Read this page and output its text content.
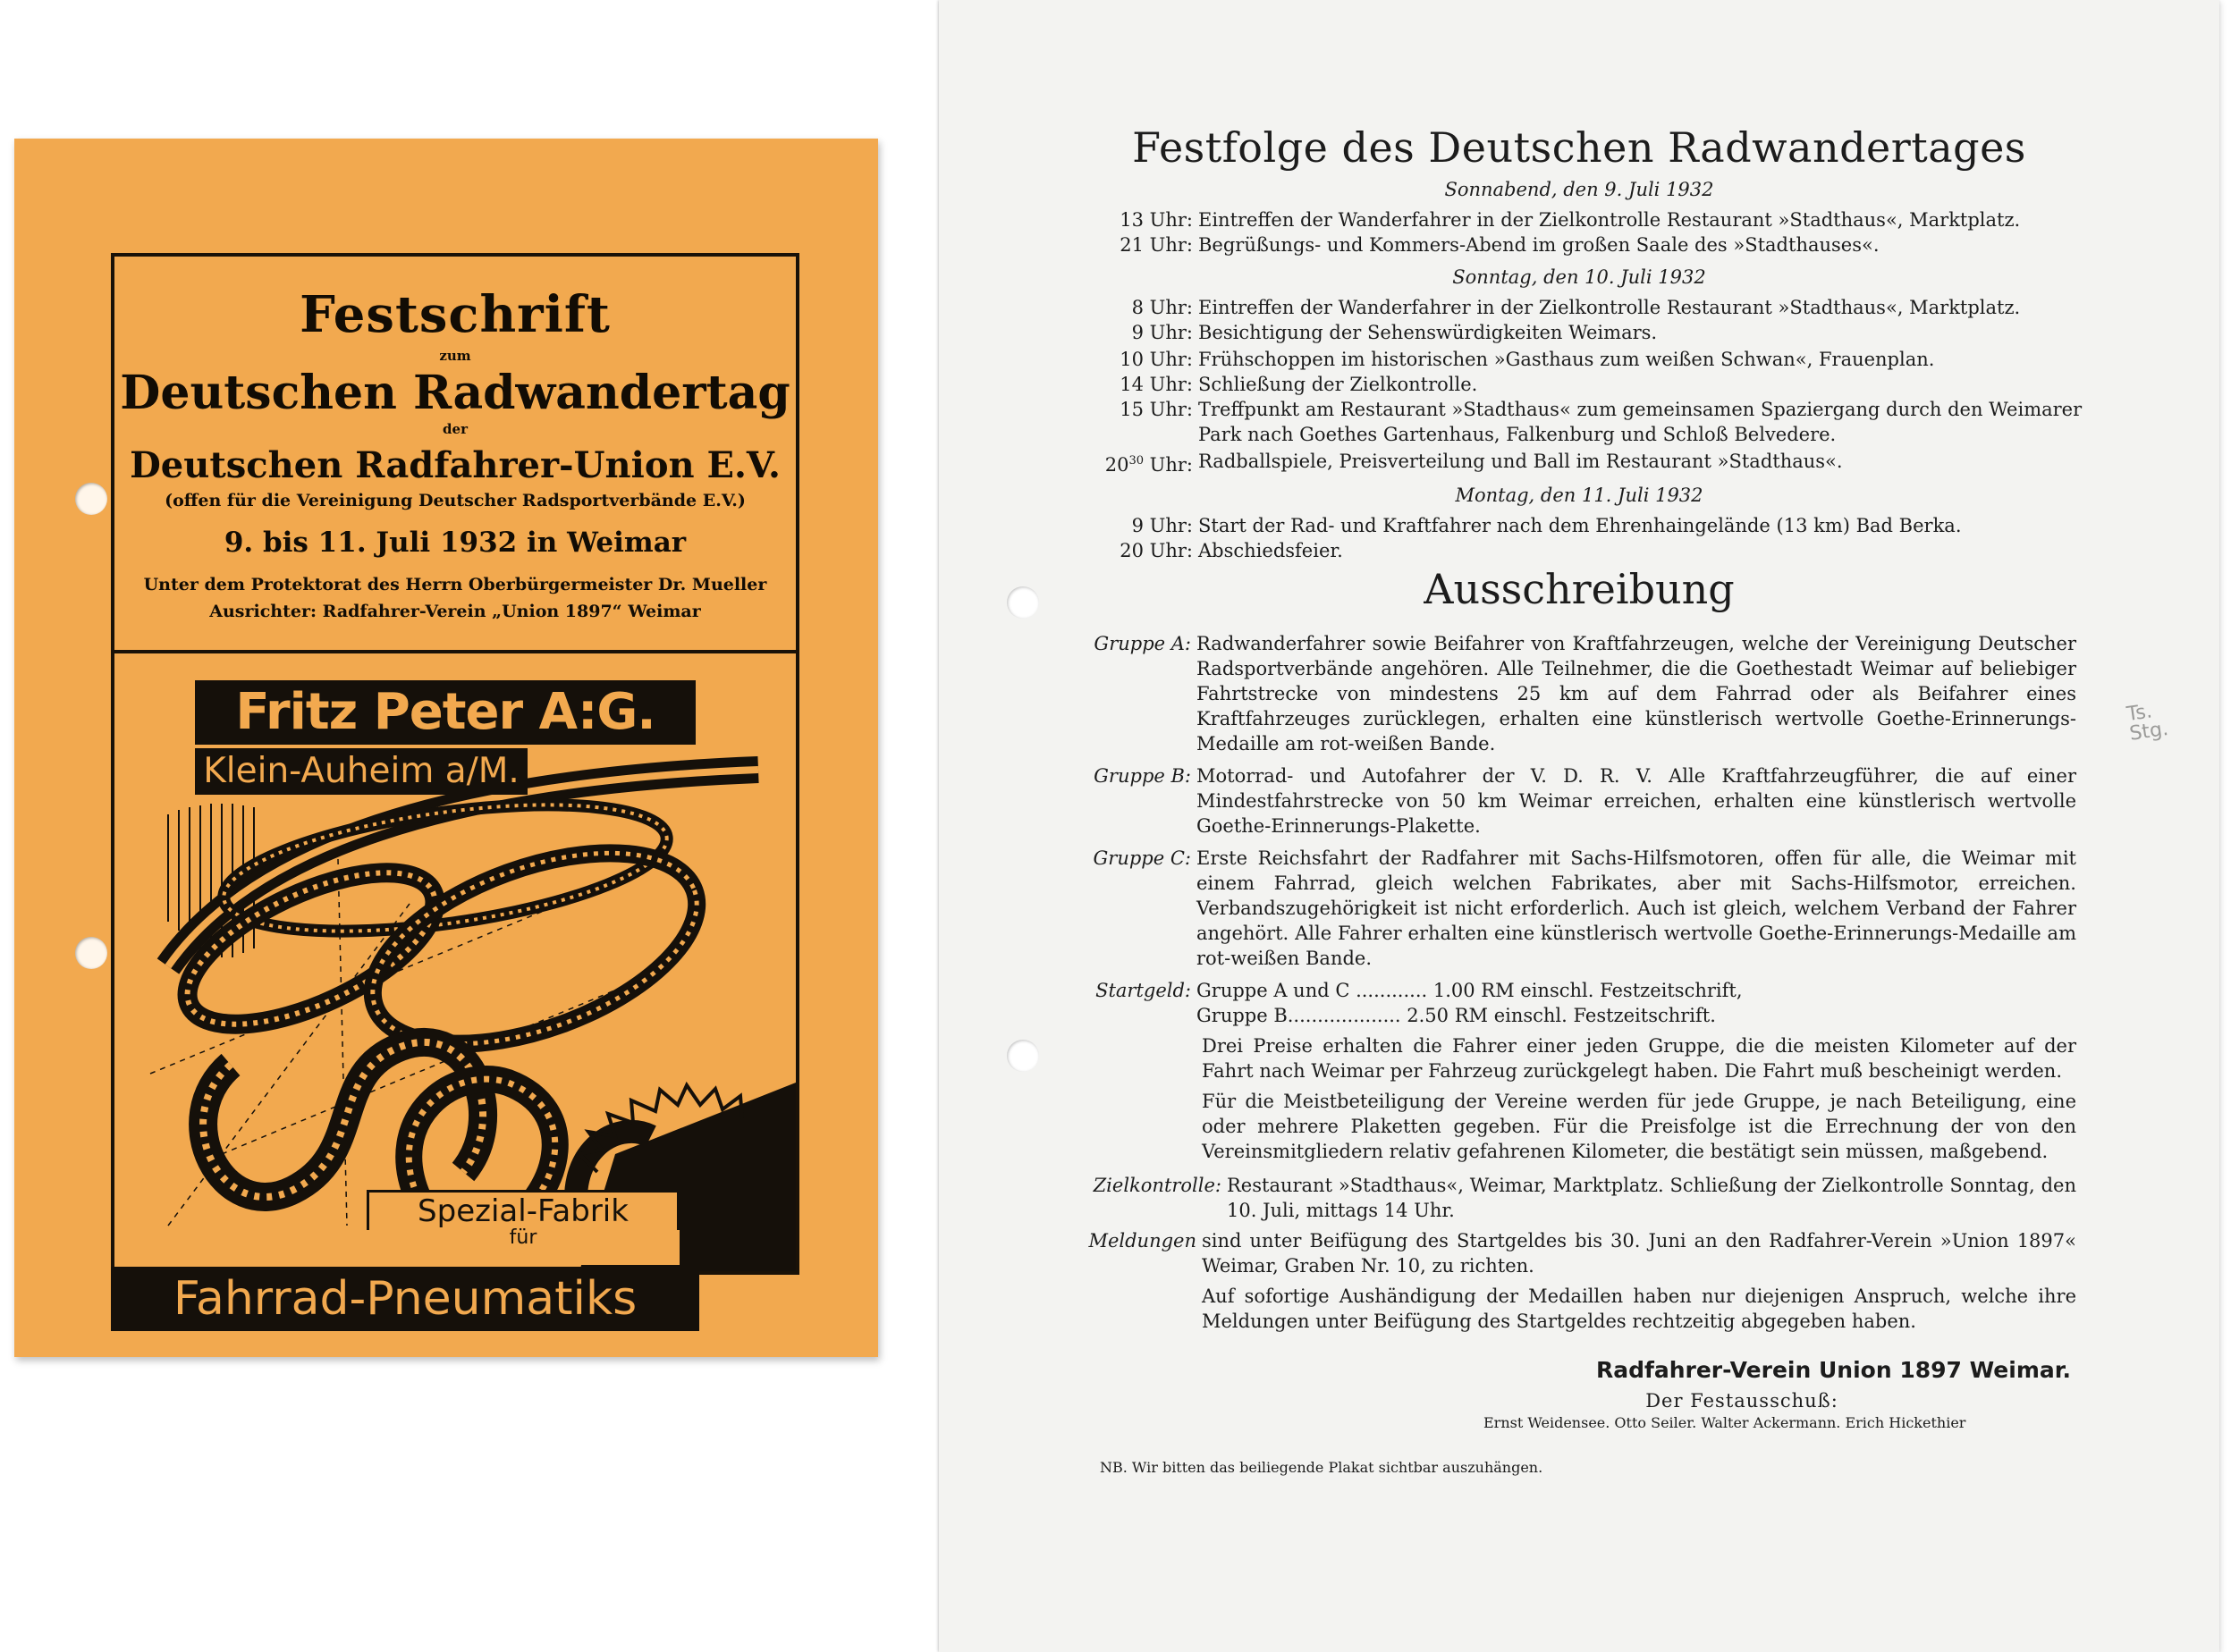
Festschrift
zum
Deutschen Radwandertag
der
Deutschen Radfahrer-Union E.V.
(offen für die Vereinigung Deutscher Radsportverbände E.V.)
9. bis 11. Juli 1932 in Weimar
Unter dem Protektorat des Herrn Oberbürgermeister Dr. Mueller
Ausrichter: Radfahrer-Verein „Union 1897“ Weimar
Fritz Peter A:G.
Klein-Auheim a/M.
Spezial-Fabrik
für
Fahrrad-Pneumatiks
Festfolge des Deutschen Radwandertages
Sonnabend, den 9. Juli 1932
13 Uhr: Eintreffen der Wanderfahrer in der Zielkontrolle Restaurant »Stadthaus«, Marktplatz.
21 Uhr: Begrüßungs- und Kommers-Abend im großen Saale des »Stadthauses«.
Sonntag, den 10. Juli 1932
8 Uhr: Eintreffen der Wanderfahrer in der Zielkontrolle Restaurant »Stadthaus«, Marktplatz.
9 Uhr: Besichtigung der Sehenswürdigkeiten Weimars.
10 Uhr: Frühschoppen im historischen »Gasthaus zum weißen Schwan«, Frauenplan.
14 Uhr: Schließung der Zielkontrolle.
15 Uhr: Treffpunkt am Restaurant »Stadthaus« zum gemeinsamen Spaziergang durch den Weimarer
Park nach Goethes Gartenhaus, Falkenburg und Schloß Belvedere.
$20^{30}$ Uhr: Radballspiele, Preisverteilung und Ball im Restaurant »Stadthaus«.
Montag, den 11. Juli 1932
9 Uhr: Start der Rad- und Kraftfahrer nach dem Ehrenhaingelände (13 km) Bad Berka.
20 Uhr: Abschiedsfeier.
Ausschreibung
Gruppe A: Radwanderfahrer sowie Beifahrer von Kraftfahrzeugen, welche der Vereinigung Deutscher Radsportverbände angehören. Alle Teilnehmer, die die Goethestadt Weimar auf beliebiger Fahrtstrecke von mindestens 25 km auf dem Fahrrad oder als Beifahrer eines Kraftfahrzeuges zurücklegen, erhalten eine künstlerisch wertvolle Goethe-Erinnerungs-Medaille am rot-weißen Bande.

Gruppe B: Motorrad- und Autofahrer der V. D. R. V. Alle Kraftfahrzeugführer, die auf einer Mindestfahrstrecke von 50 km Weimar erreichen, erhalten eine künstlerisch wertvolle Goethe-Erinnerungs-Plakette.

Gruppe C: Erste Reichsfahrt der Radfahrer mit Sachs-Hilfsmotoren, offen für alle, die Weimar mit einem Fahrrad, gleich welchen Fabrikates, aber mit Sachs-Hilfsmotor, erreichen. Verbandszugehörigkeit ist nicht erforderlich. Auch ist gleich, welchem Verband der Fahrer angehört. Alle Fahrer erhalten eine künstlerisch wertvolle Goethe-Erinnerungs-Medaille am rot-weißen Bande.

Startgeld: Gruppe A und C ............ 1.00 RM einschl. Festzeitschrift,

Gruppe B................... 2.50 RM einschl. Festzeitschrift.

Drei Preise erhalten die Fahrer einer jeden Gruppe, die die meisten Kilometer auf der Fahrt nach Weimar per Fahrzeug zurückgelegt haben. Die Fahrt muß bescheinigt werden.

Für die Meistbeteiligung der Vereine werden für jede Gruppe, je nach Beteiligung, eine oder mehrere Plaketten gegeben. Für die Preisfolge ist die Errechnung der von den Vereinsmitgliedern relativ gefahrenen Kilometer, die bestätigt sein müssen, maßgebend.

Zielkontrolle: Restaurant »Stadthaus«, Weimar, Marktplatz. Schließung der Zielkontrolle Sonntag, den 10. Juli, mittags 14 Uhr.

Meldungen sind unter Beifügung des Startgeldes bis 30. Juni an den Radfahrer-Verein »Union 1897« Weimar, Graben Nr. 10, zu richten.

Auf sofortige Aushändigung der Medaillen haben nur diejenigen Anspruch, welche ihre Meldungen unter Beifügung des Startgeldes rechtzeitig abgegeben haben.

Radfahrer-Verein Union 1897 Weimar.
Der Festausschuß:
Ernst Weidensee. Otto Seiler. Walter Ackermann. Erich Hickethier
NB. Wir bitten das beiliegende Plakat sichtbar auszuhängen.
Ts.
Stg.
